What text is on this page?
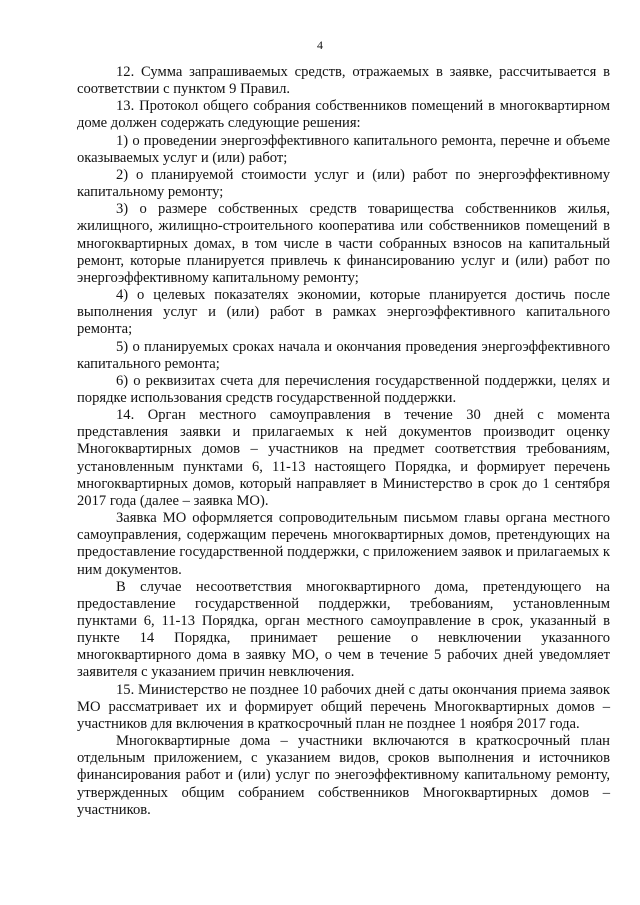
4

12. Сумма запрашиваемых средств, отражаемых в заявке, рассчитывается в соответствии с пунктом 9 Правил.

13. Протокол общего собрания собственников помещений в многоквартирном доме должен содержать следующие решения:

1) о проведении энергоэффективного капитального ремонта, перечне и объеме оказываемых услуг и (или) работ;

2) о планируемой стоимости услуг и (или) работ по энергоэффективному капитальному ремонту;

3) о размере собственных средств товарищества собственников жилья, жилищного, жилищно-строительного кооператива или собственников помещений в многоквартирных домах, в том числе в части собранных взносов на капитальный ремонт, которые планируется привлечь к финансированию услуг и (или) работ по энергоэффективному капитальному ремонту;

4) о целевых показателях экономии, которые планируется достичь после выполнения услуг и (или) работ в рамках энергоэффективного капитального ремонта;

5) о планируемых сроках начала и окончания проведения энергоэффективного капитального ремонта;

6) о реквизитах счета для перечисления государственной поддержки, целях и порядке использования средств государственной поддержки.

14. Орган местного самоуправления в течение 30 дней с момента представления заявки и прилагаемых к ней документов производит оценку Многоквартирных домов – участников на предмет соответствия требованиям, установленным пунктами 6, 11-13 настоящего Порядка, и формирует перечень многоквартирных домов, который направляет в Министерство в срок до 1 сентября 2017 года (далее – заявка МО).

Заявка МО оформляется сопроводительным письмом главы органа местного самоуправления, содержащим перечень многоквартирных домов, претендующих на предоставление государственной поддержки, с приложением заявок и прилагаемых к ним документов.

В случае несоответствия многоквартирного дома, претендующего на предоставление государственной поддержки, требованиям, установленным пунктами 6, 11-13 Порядка, орган местного самоуправление в срок, указанный в пункте 14 Порядка, принимает решение о невключении указанного многоквартирного дома в заявку МО, о чем в течение 5 рабочих дней уведомляет заявителя с указанием причин невключения.

15. Министерство не позднее 10 рабочих дней с даты окончания приема заявок МО рассматривает их и формирует общий перечень Многоквартирных домов – участников для включения в краткосрочный план не позднее 1 ноября 2017 года.

Многоквартирные дома – участники включаются в краткосрочный план отдельным приложением, с указанием видов, сроков выполнения и источников финансирования работ и (или) услуг по энегоэффективному капитальному ремонту, утвержденных общим собранием собственников Многоквартирных домов – участников.
